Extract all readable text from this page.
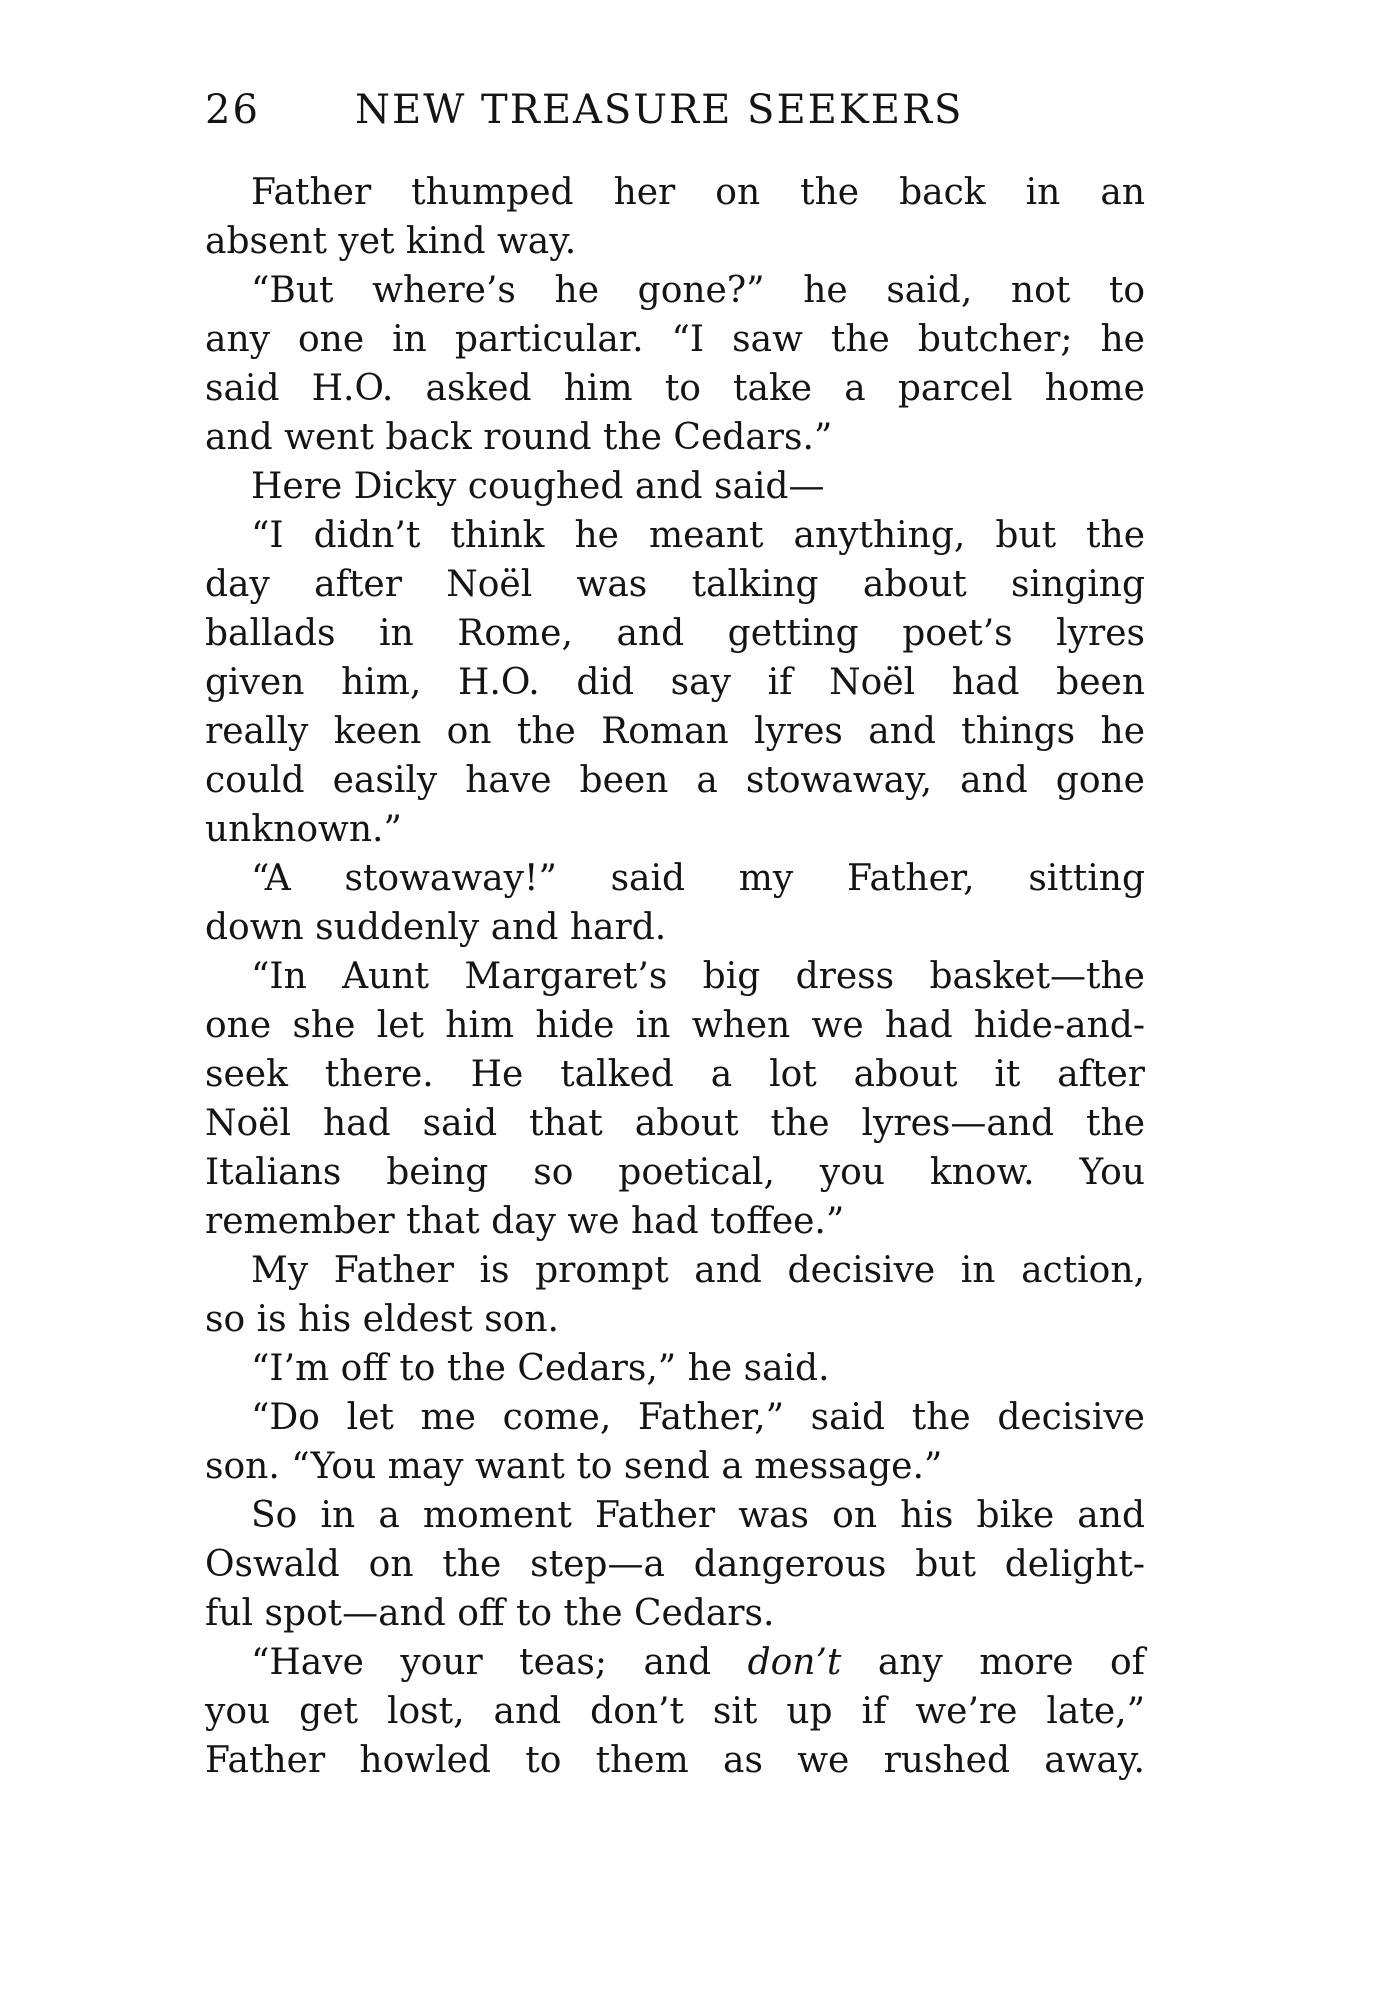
26 NEW TREASURE SEEKERS
Father thumped her on the back in an
absent yet kind way.
“But where’s he gone?” he said, not to
any one in particular. “I saw the butcher; he
said H.O. asked him to take a parcel home
and went back round the Cedars.”
Here Dicky coughed and said—
“I didn’t think he meant anything, but the
day after Noël was talking about singing
ballads in Rome, and getting poet’s lyres
given him, H.O. did say if Noël had been
really keen on the Roman lyres and things he
could easily have been a stowaway, and gone
unknown.”
“A stowaway!” said my Father, sitting
down suddenly and hard.
“In Aunt Margaret’s big dress basket—the
one she let him hide in when we had hide-and-
seek there. He talked a lot about it after
Noël had said that about the lyres—and the
Italians being so poetical, you know. You
remember that day we had toffee.”
My Father is prompt and decisive in action,
so is his eldest son.
“I’m off to the Cedars,” he said.
“Do let me come, Father,” said the decisive
son. “You may want to send a message.”
So in a moment Father was on his bike and
Oswald on the step—a dangerous but delight-
ful spot—and off to the Cedars.
“Have your teas; and don’t any more of
you get lost, and don’t sit up if we’re late,”
Father howled to them as we rushed away.
